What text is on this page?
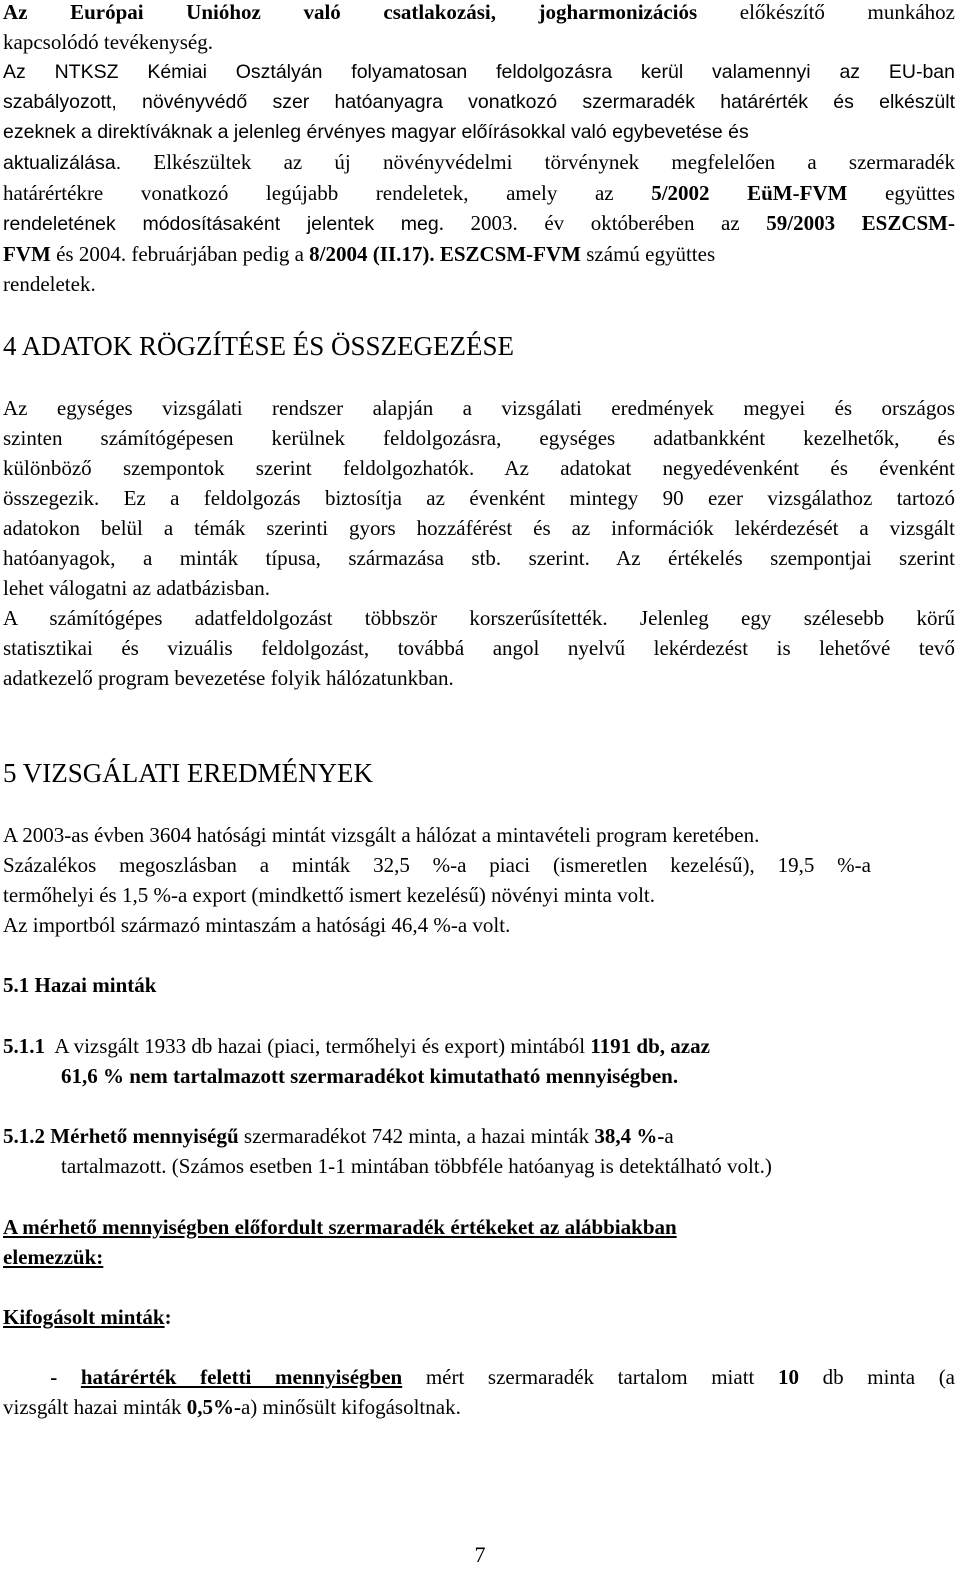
Az Európai Unióhoz való csatlakozási, jogharmonizációs előkészítő munkához
kapcsolódó tevékenység.
Az NTKSZ Kémiai Osztályán folyamatosan feldolgozásra kerül valamennyi az EU-ban
szabályozott, növényvédő szer hatóanyagra vonatkozó szermaradék határérték és elkészült
ezeknek a direktíváknak a jelenleg érvényes magyar előírásokkal való egybevetése és
aktualizálása. Elkészültek az új növényvédelmi törvénynek megfelelően a szermaradék
határértékre vonatkozó legújabb rendeletek, amely az 5/2002 EüM-FVM együttes
rendeletének módosításaként jelentek meg. 2003. év októberében az 59/2003 ESZCSM-
FVM és 2004. februárjában pedig a 8/2004 (II.17). ESZCSM-FVM számú együttes
rendeletek.
4 ADATOK RÖGZÍTÉSE ÉS ÖSSZEGEZÉSE
Az egységes vizsgálati rendszer alapján a vizsgálati eredmények megyei és országos
szinten számítógépesen kerülnek feldolgozásra, egységes adatbankként kezelhetők, és
különböző szempontok szerint feldolgozhatók. Az adatokat negyedévenként és évenként
összegezik. Ez a feldolgozás biztosítja az évenként mintegy 90 ezer vizsgálathoz tartozó
adatokon belül a témák szerinti gyors hozzáférést és az információk lekérdezését a vizsgált
hatóanyagok, a minták típusa, származása stb. szerint. Az értékelés szempontjai szerint
lehet válogatni az adatbázisban.
A számítógépes adatfeldolgozást többször korszerűsítették. Jelenleg egy szélesebb körű
statisztikai és vizuális feldolgozást, továbbá angol nyelvű lekérdezést is lehetővé tevő
adatkezelő program bevezetése folyik hálózatunkban.
5 VIZSGÁLATI EREDMÉNYEK
A 2003-as évben 3604 hatósági mintát vizsgált a hálózat a mintavételi program keretében.
Százalékos megoszlásban a minták 32,5 %-a piaci (ismeretlen kezelésű), 19,5 %-a
termőhelyi és 1,5 %-a export (mindkettő ismert kezelésű) növényi minta volt.
Az importból származó mintaszám a hatósági 46,4 %-a volt.
5.1 Hazai minták
5.1.1  A vizsgált 1933 db hazai (piaci, termőhelyi és export) mintából 1191 db, azaz
61,6 % nem tartalmazott szermaradékot kimutatható mennyiségben.
5.1.2 Mérhető mennyiségű szermaradékot 742 minta, a hazai minták 38,4 %-a
tartalmazott. (Számos esetben 1-1 mintában többféle hatóanyag is detektálható volt.)
A mérhető mennyiségben előfordult szermaradék értékeket az alábbiakban
elemezzük:
Kifogásolt minták:
- határérték feletti mennyiségben mért szermaradék tartalom miatt 10 db minta (a
vizsgált hazai minták 0,5%-a) minősült kifogásoltnak.
7
